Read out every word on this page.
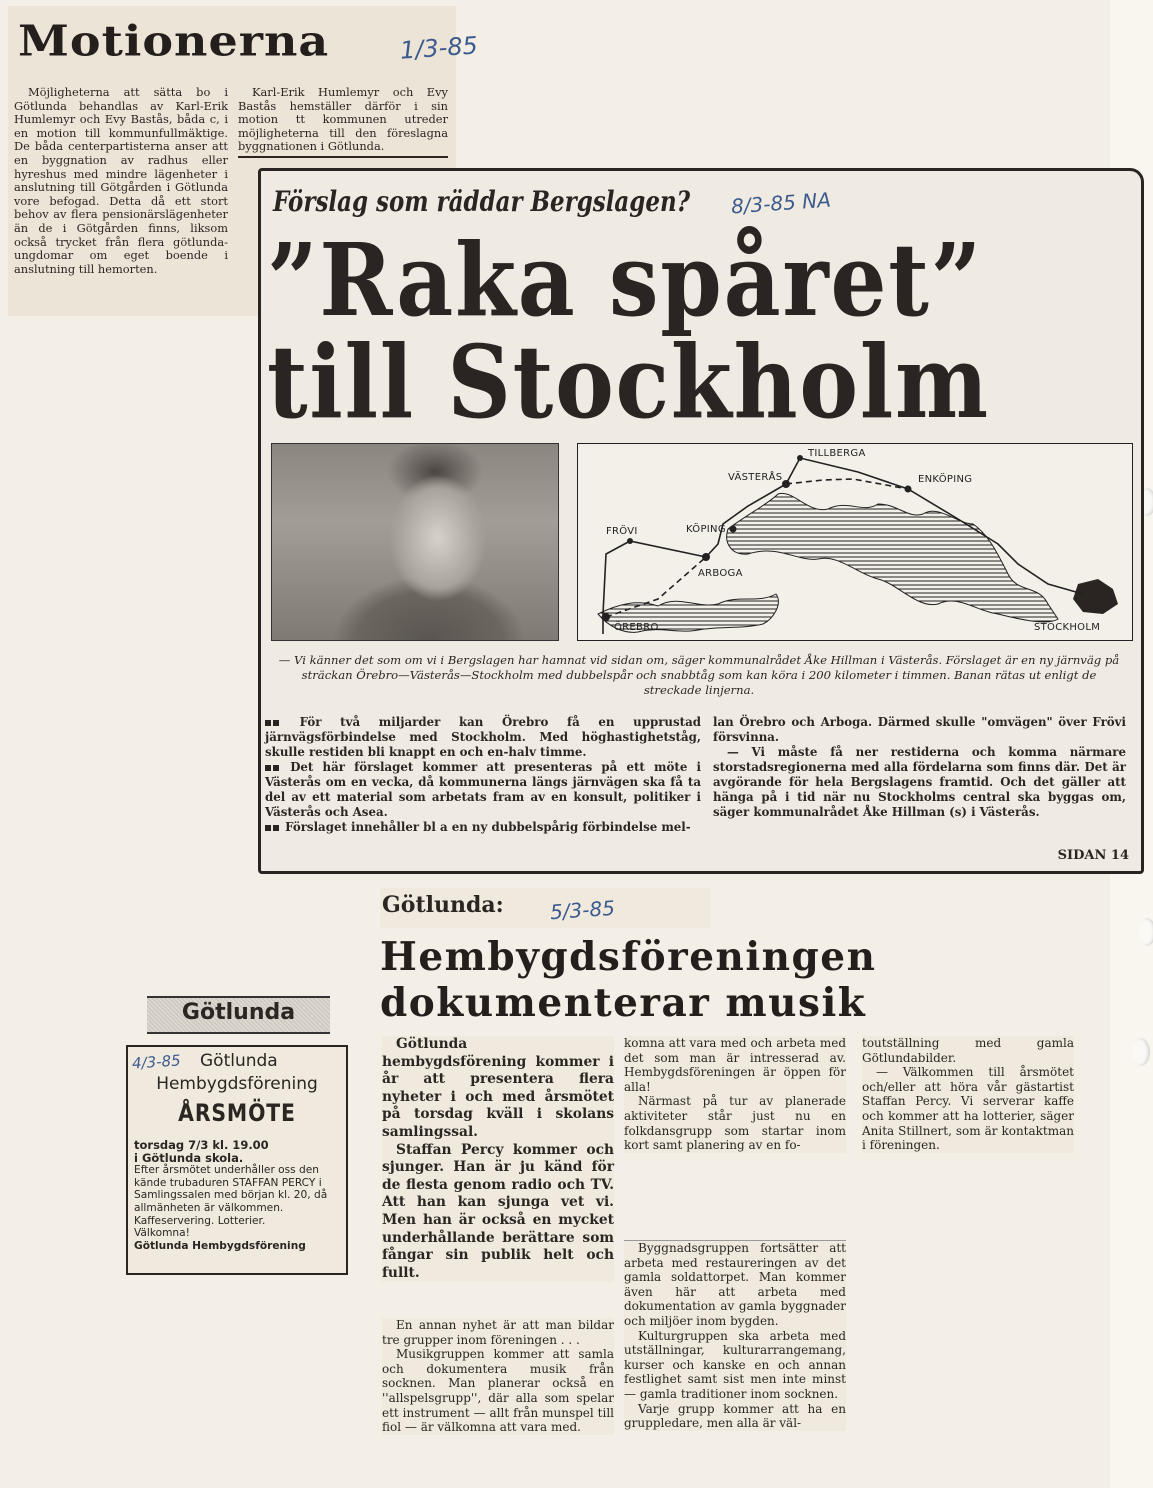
Motionerna	1/3-85
Möjligheterna att sätta bo i Götlunda behandlas av Karl-Erik Humlemyr och Evy Bastås, båda c, i en motion till kommunfullmäktige. De båda centerpartisterna anser att en byggnation av radhus eller hyreshus med mindre lägenheter i anslutning till Götgården i Götlunda vore befogad. Detta då ett stort behov av flera pensionärslägenheter än de i Götgården finns, liksom också trycket från flera götlunda-ungdomar om eget boende i anslutning till hemorten.
Karl-Erik Humlemyr och Evy Bastås hemställer därför i sin motion tt kommunen utreder möjligheterna till den föreslagna byggnationen i Götlunda.
Förslag som räddar Bergslagen? 8/3-85 NA
”Raka spåret”
till Stockholm
TILLBERGA
VÄSTERÅS	ENKÖPING
KÖPING
FRÖVI
ARBOGA
ÖREBRO	STOCKHOLM
— Vi känner det som om vi i Bergslagen har hamnat vid sidan om, säger kommunalrådet Åke Hillman i Västerås. Förslaget är en ny järnväg på sträckan Örebro—Västerås—Stockholm med dubbelspår och snabbtåg som kan köra i 200 kilometer i timmen. Banan rätas ut enligt de streckade linjerna.
För två miljarder kan Örebro få en upprustad järnvägsförbindelse med Stockholm. Med höghastighetståg, skulle restiden bli knappt en och en-halv timme.
Det här förslaget kommer att presenteras på ett möte i Västerås om en vecka, då kommunerna längs järnvägen ska få ta del av ett material som arbetats fram av en konsult, politiker i Västerås och Asea.
Förslaget innehåller bl a en ny dubbelspårig förbindelse mel-
lan Örebro och Arboga. Därmed skulle "omvägen" över Frövi försvinna.
— Vi måste få ner restiderna och komma närmare storstadsregionerna med alla fördelarna som finns där. Det är avgörande för hela Bergslagens framtid. Och det gäller att hänga på i tid när nu Stockholms central ska byggas om, säger kommunalrådet Åke Hillman (s) i Västerås.
SIDAN 14
Götlunda
4/3-85 Götlunda
Hembygdsförening
ÅRSMÖTE
torsdag 7/3 kl. 19.00
i Götlunda skola.
Efter årsmötet underhåller oss den kände trubaduren STAFFAN PERCY i Samlingssalen med början kl. 20, då allmänheten är välkommen. Kaffeservering. Lotterier.
Välkomna!
Götlunda Hembygdsförening
Götlunda: 5/3-85
Hembygdsföreningen
dokumenterar musik

Götlunda hembygdsförening kommer i år att presentera flera nyheter i och med årsmötet på torsdag kväll i skolans samlingssal.

Staffan Percy kommer och sjunger. Han är ju känd för de flesta genom radio och TV. Att han kan sjunga vet vi. Men han är också en mycket underhållande berättare som fångar sin publik helt och fullt.

En annan nyhet är att man bildar tre grupper inom föreningen . . .

Musikgruppen kommer att samla och dokumentera musik från socknen. Man planerar också en ''allspelsgrupp'', där alla som spelar ett instrument — allt från munspel till fiol — är välkomna att vara med.

komna att vara med och arbeta med det som man är intresserad av. Hembygdsföreningen är öppen för alla!

Närmast på tur av planerade aktiviteter står just nu en folkdansgrupp som startar inom kort samt planering av en fo-

Byggnadsgruppen fortsätter att arbeta med restaureringen av det gamla soldattorpet. Man kommer även här att arbeta med dokumentation av gamla byggnader och miljöer inom bygden.

Kulturgruppen ska arbeta med utställningar, kulturarrangemang, kurser och kanske en och annan festlighet samt sist men inte minst — gamla traditioner inom socknen.

Varje grupp kommer att ha en gruppledare, men alla är väl-

toutställning med gamla Götlundabilder.

— Välkommen till årsmötet och/eller att höra vår gästartist Staffan Percy. Vi serverar kaffe och kommer att ha lotterier, säger Anita Stillnert, som är kontaktman i föreningen.
